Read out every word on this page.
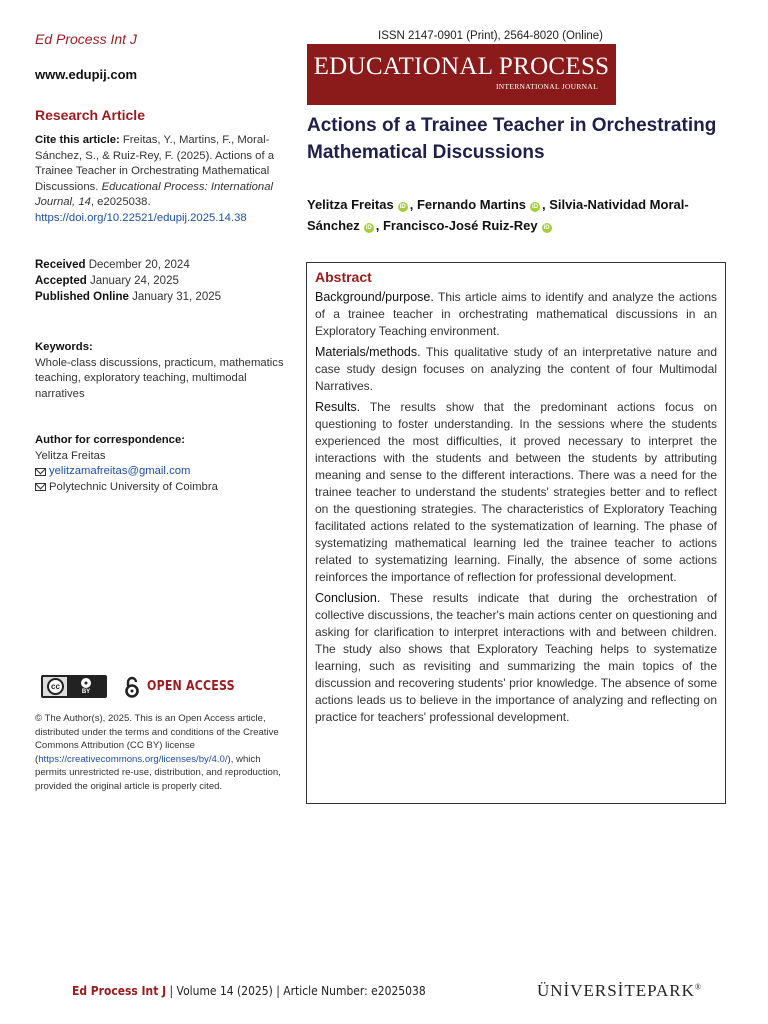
Ed Process Int J
www.edupij.com
Research Article
Cite this article: Freitas, Y., Martins, F., Moral-Sánchez, S., & Ruiz-Rey, F. (2025). Actions of a Trainee Teacher in Orchestrating Mathematical Discussions. Educational Process: International Journal, 14, e2025038. https://doi.org/10.22521/edupij.2025.14.38
Received December 20, 2024
Accepted January 24, 2025
Published Online January 31, 2025
Keywords:
Whole-class discussions, practicum, mathematics teaching, exploratory teaching, multimodal narratives
Author for correspondence:
Yelitza Freitas
yelitzamafreitas@gmail.com
Polytechnic University of Coimbra
cc	●
BY	OPEN ACCESS
© The Author(s), 2025. This is an Open Access article, distributed under the terms and conditions of the Creative Commons Attribution (CC BY) license (https://creativecommons.org/licenses/by/4.0/), which permits unrestricted re-use, distribution, and reproduction, provided the original article is properly cited.
ISSN 2147-0901 (Print), 2564-8020 (Online)
EDUCATIONAL PROCESS
INTERNATIONAL JOURNAL
Actions of a Trainee Teacher in Orchestrating Mathematical Discussions
Yelitza Freitas iD , Fernando Martins iD , Silvia-Natividad Moral-Sánchez iD , Francisco-José Ruiz-Rey iD
Abstract

Background/purpose. This article aims to identify and analyze the actions of a trainee teacher in orchestrating mathematical discussions in an Exploratory Teaching environment.

Materials/methods. This qualitative study of an interpretative nature and case study design focuses on analyzing the content of four Multimodal Narratives.

Results. The results show that the predominant actions focus on questioning to foster understanding. In the sessions where the students experienced the most difficulties, it proved necessary to interpret the interactions with the students and between the students by attributing meaning and sense to the different interactions. There was a need for the trainee teacher to understand the students' strategies better and to reflect on the questioning strategies. The characteristics of Exploratory Teaching facilitated actions related to the systematization of learning. The phase of systematizing mathematical learning led the trainee teacher to actions related to systematizing learning. Finally, the absence of some actions reinforces the importance of reflection for professional development.

Conclusion. These results indicate that during the orchestration of collective discussions, the teacher's main actions center on questioning and asking for clarification to interpret interactions with and between children. The study also shows that Exploratory Teaching helps to systematize learning, such as revisiting and summarizing the main topics of the discussion and recovering students' prior knowledge. The absence of some actions leads us to believe in the importance of analyzing and reflecting on practice for teachers' professional development.

Ed Process Int J | Volume 14 (2025) | Article Number: e2025038	ÜNİVERSİTEPARK®
